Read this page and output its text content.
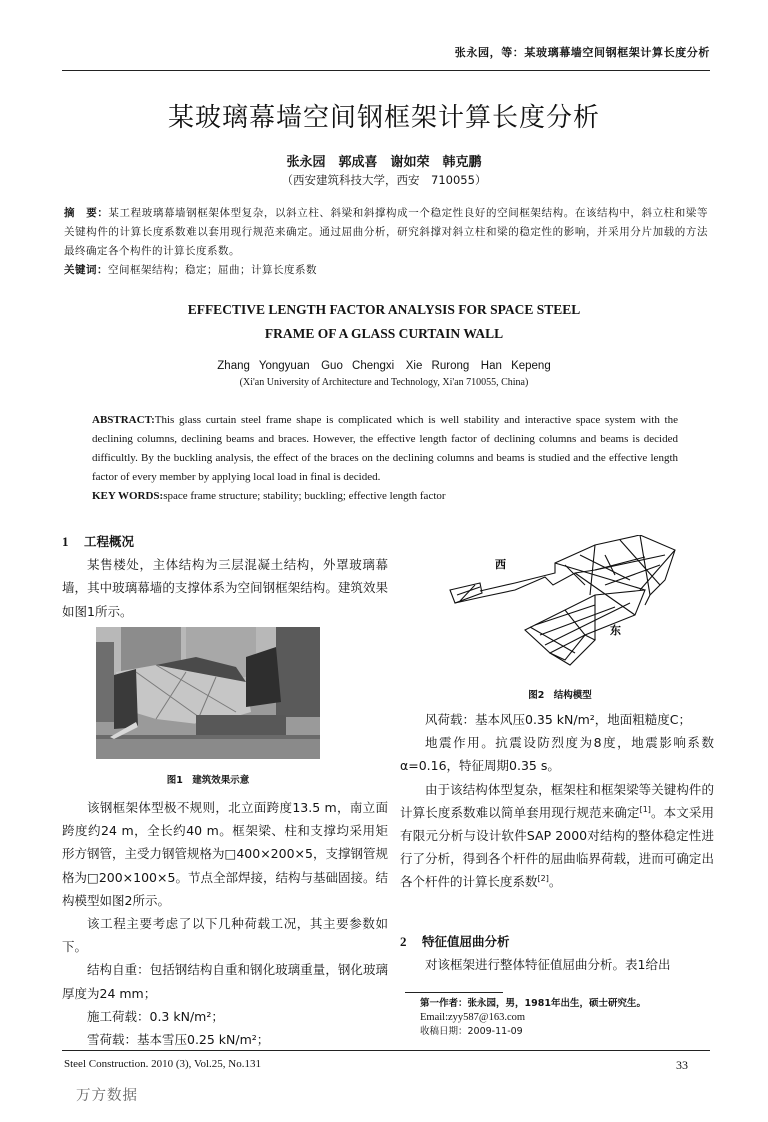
张永园，等：某玻璃幕墙空间钢框架计算长度分析
某玻璃幕墙空间钢框架计算长度分析
张永园　郭成喜　谢如荣　韩克鹏
（西安建筑科技大学，西安　710055）
摘　要：某工程玻璃幕墙钢框架体型复杂，以斜立柱、斜梁和斜撑构成一个稳定性良好的空间框架结构。在该结构中，斜立柱和梁等关键构件的计算长度系数难以套用现行规范来确定。通过屈曲分析，研究斜撑对斜立柱和梁的稳定性的影响，并采用分片加载的方法最终确定各个构件的计算长度系数。
关键词：空间框架结构；稳定；屈曲；计算长度系数
EFFECTIVE LENGTH FACTOR ANALYSIS FOR SPACE STEEL
FRAME OF A GLASS CURTAIN WALL
Zhang Yongyuan　Guo Chengxi　Xie Rurong　Han Kepeng
(Xi'an University of Architecture and Technology, Xi'an 710055, China)
ABSTRACT:This glass curtain steel frame shape is complicated which is well stability and interactive space system with the declining columns, declining beams and braces. However, the effective length factor of declining columns and beams is decided difficultly. By the buckling analysis, the effect of the braces on the declining columns and beams is studied and the effective length factor of every member by applying local load in final is decided.
KEY WORDS:space frame structure; stability; buckling; effective length factor

1 工程概况

某售楼处，主体结构为三层混凝土结构，外罩玻璃幕墙，其中玻璃幕墙的支撑体系为空间钢框架结构。建筑效果如图1所示。

图1　建筑效果示意

该钢框架体型极不规则，北立面跨度13.5 m，南立面跨度约24 m，全长约40 m。框架梁、柱和支撑均采用矩形方钢管，主受力钢管规格为□400×200×5，支撑钢管规格为□200×100×5。节点全部焊接，结构与基础固接。结构模型如图2所示。

该工程主要考虑了以下几种荷载工况，其主要参数如下。

结构自重：包括钢结构自重和钢化玻璃重量，钢化玻璃厚度为24 mm；

施工荷载：0.3 kN/m²；

雪荷载：基本雪压0.25 kN/m²；

西
东
图2　结构模型

风荷载：基本风压0.35 kN/m²，地面粗糙度C；

地震作用。抗震设防烈度为8度，地震影响系数α=0.16，特征周期0.35 s。

由于该结构体型复杂，框架柱和框架梁等关键构件的计算长度系数难以简单套用现行规范来确定[1]。本文采用有限元分析与设计软件SAP 2000对结构的整体稳定性进行了分析，得到各个杆件的屈曲临界荷载，进而可确定出各个杆件的计算长度系数[2]。

2 特征值屈曲分析

对该框架进行整体特征值屈曲分析。表1给出

第一作者：张永园，男，1981年出生，硕士研究生。
Email:zyy587@163.com
收稿日期：2009-11-09
Steel Construction. 2010 (3), Vol.25, No.131	33
万方数据
